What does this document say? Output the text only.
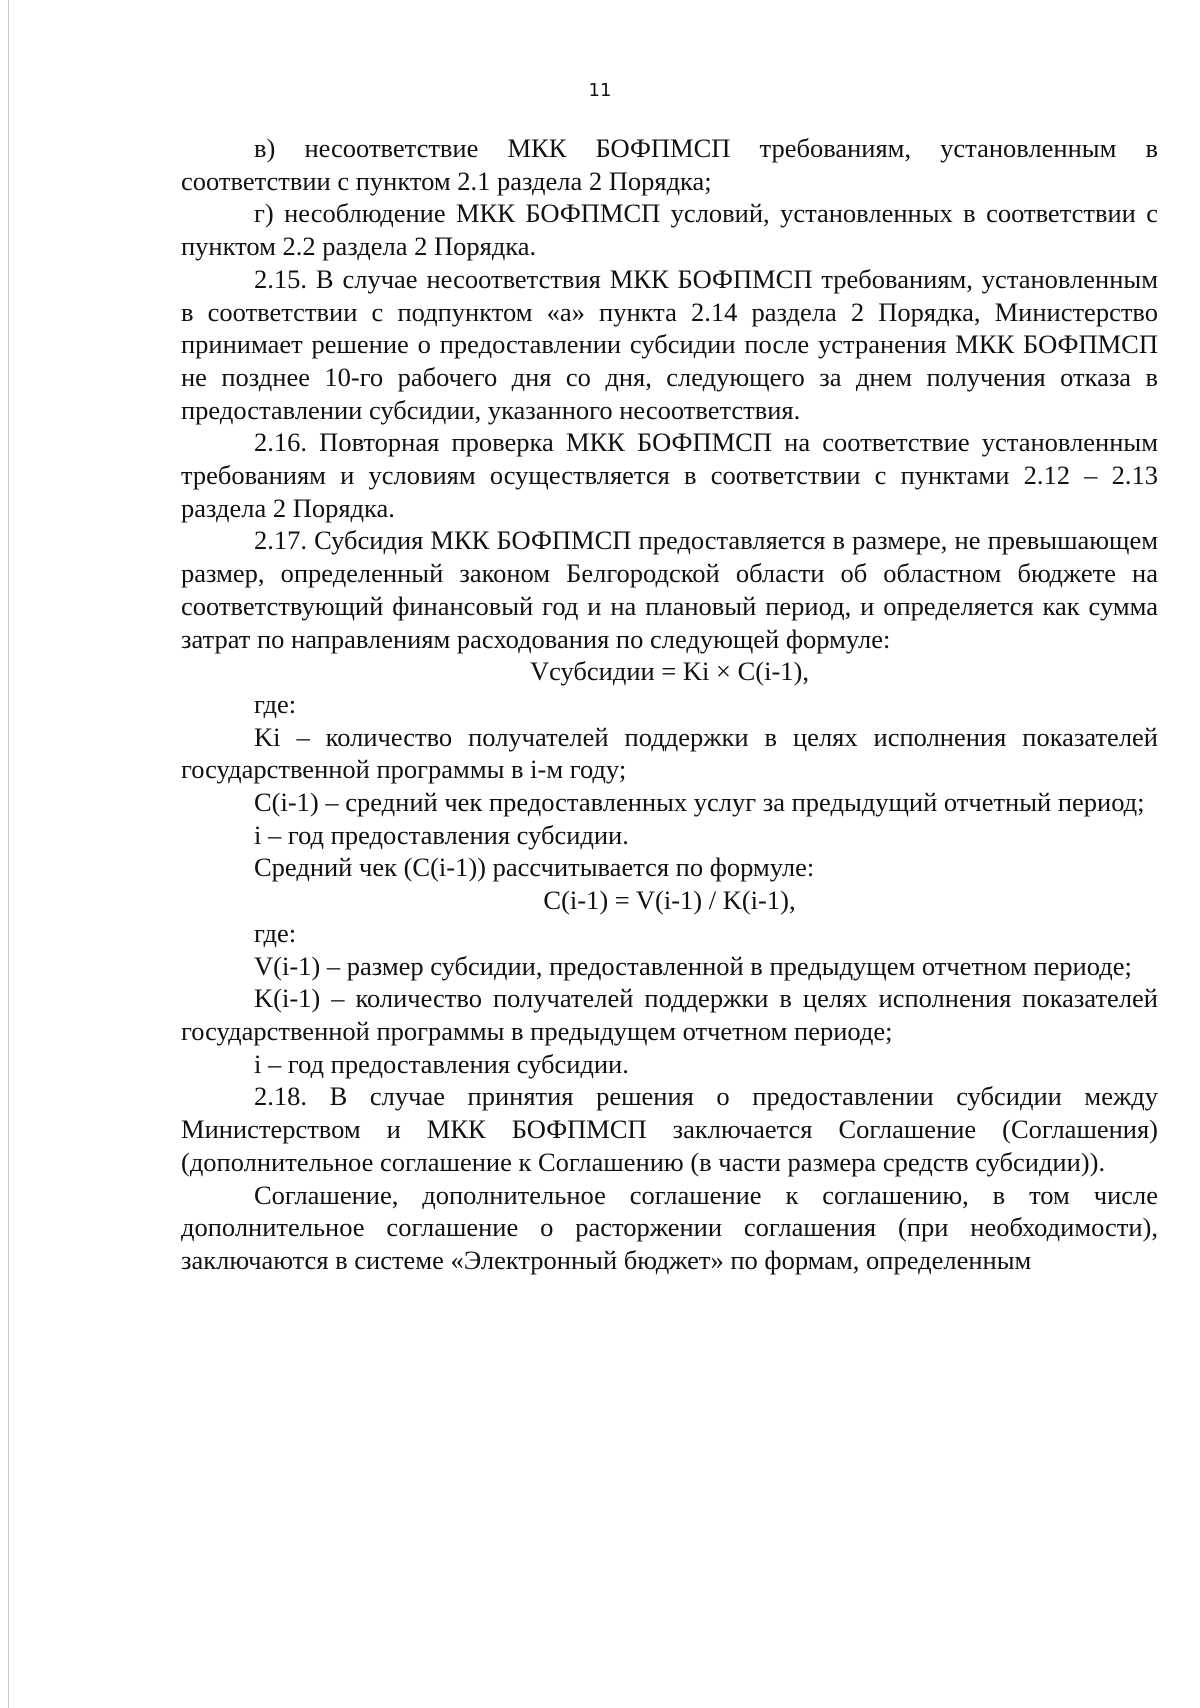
11

в) несоответствие МКК БОФПМСП требованиям, установленным в соответствии с пунктом 2.1 раздела 2 Порядка;

г) несоблюдение МКК БОФПМСП условий, установленных в соответствии с пунктом 2.2 раздела 2 Порядка.

2.15. В случае несоответствия МКК БОФПМСП требованиям, установленным в соответствии с подпунктом «а» пункта 2.14 раздела 2 Порядка, Министерство принимает решение о предоставлении субсидии после устранения МКК БОФПМСП не позднее 10-го рабочего дня со дня, следующего за днем получения отказа в предоставлении субсидии, указанного несоответствия.

2.16. Повторная проверка МКК БОФПМСП на соответствие установленным требованиям и условиям осуществляется в соответствии с пунктами 2.12 – 2.13 раздела 2 Порядка.

2.17. Субсидия МКК БОФПМСП предоставляется в размере, не превышающем размер, определенный законом Белгородской области об областном бюджете на соответствующий финансовый год и на плановый период, и определяется как сумма затрат по направлениям расходования по следующей формуле:

Vсубсидии = Ki × C(i-1),

где:

Ki – количество получателей поддержки в целях исполнения показателей государственной программы в i-м году;

C(i-1) – средний чек предоставленных услуг за предыдущий отчетный период;

i – год предоставления субсидии.

Средний чек (C(i-1)) рассчитывается по формуле:

C(i-1) = V(i-1) / K(i-1),

где:

V(i-1) – размер субсидии, предоставленной в предыдущем отчетном периоде;

K(i-1) – количество получателей поддержки в целях исполнения показателей государственной программы в предыдущем отчетном периоде;

i – год предоставления субсидии.

2.18. В случае принятия решения о предоставлении субсидии между Министерством и МКК БОФПМСП заключается Соглашение (Соглашения) (дополнительное соглашение к Соглашению (в части размера средств субсидии)).

Соглашение, дополнительное соглашение к соглашению, в том числе дополнительное соглашение о расторжении соглашения (при необходимости), заключаются в системе «Электронный бюджет» по формам, определенным
